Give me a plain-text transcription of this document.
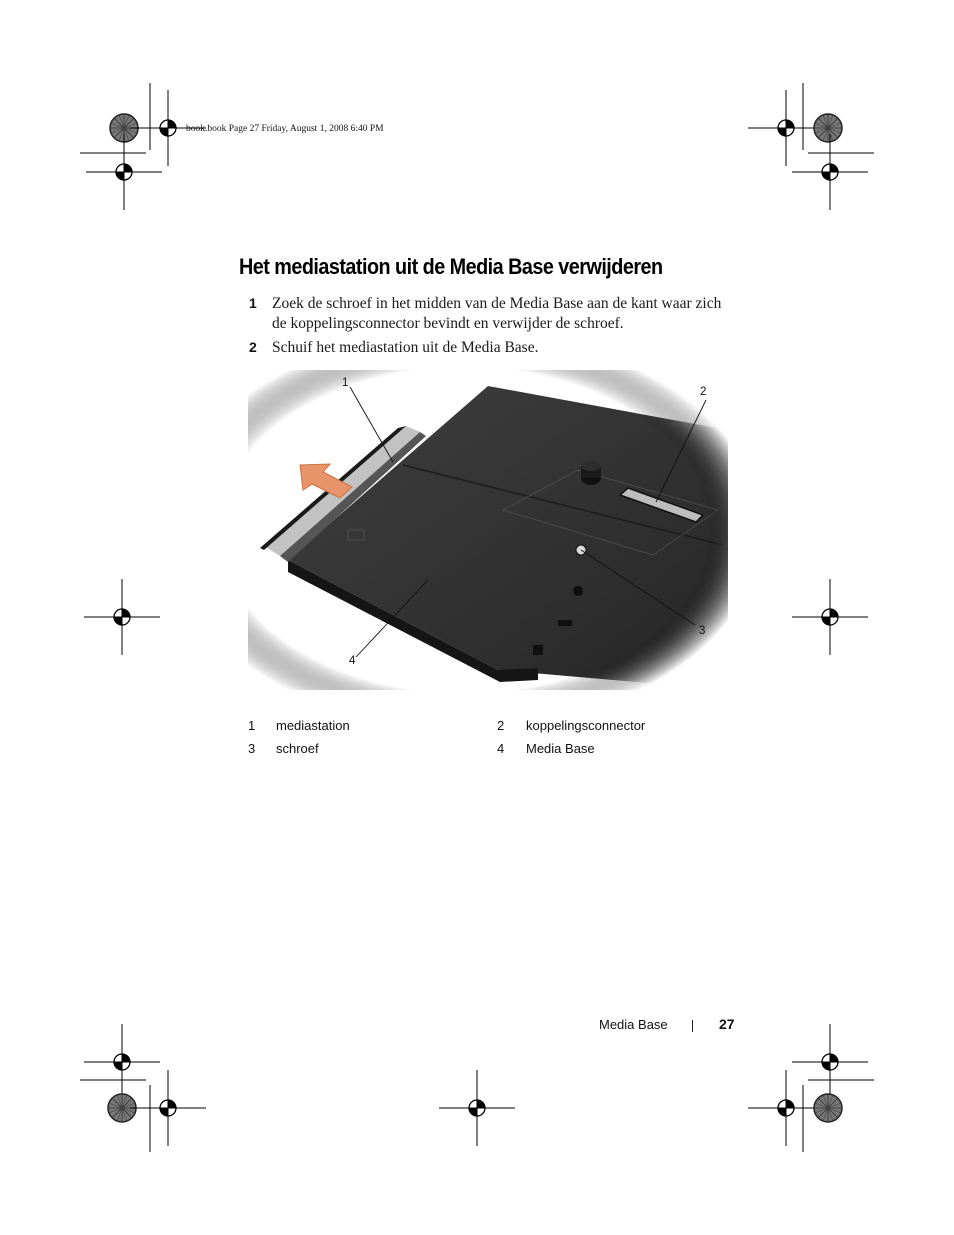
book.book Page 27 Friday, August 1, 2008 6:40 PM
Het mediastation uit de Media Base verwijderen
1 Zoek de schroef in het midden van de Media Base aan de kant waar zich
de koppelingsconnector bevindt en verwijder de schroef.
2 Schuif het mediastation uit de Media Base.
1
2
3
4
1 mediastation	2 koppelingsconnector
3 schroef	4 Media Base
Media Base	27
